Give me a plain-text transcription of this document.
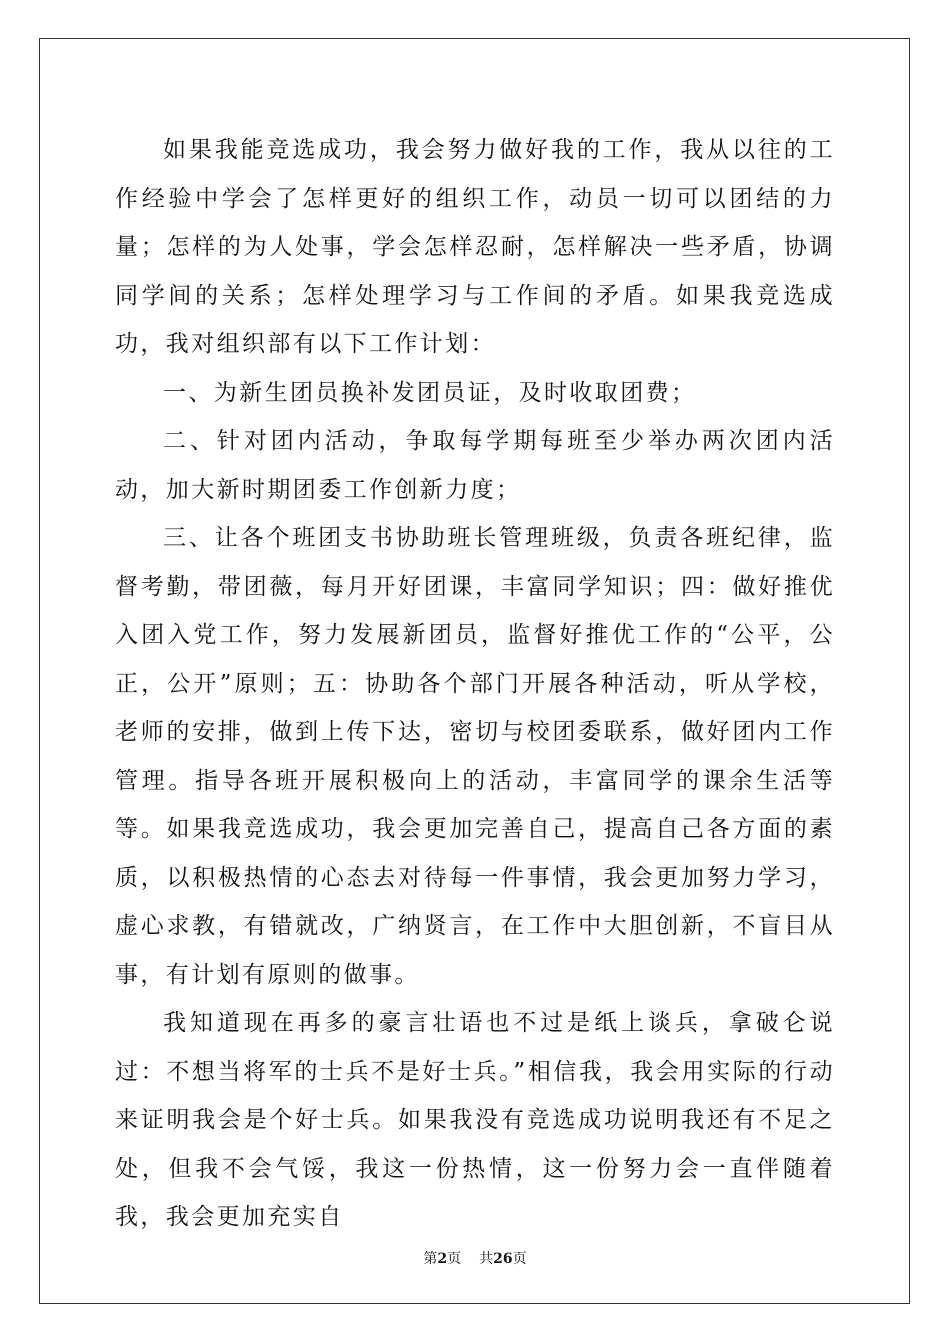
如果我能竞选成功，我会努力做好我的工作，我从以往的工作经验中学会了怎样更好的组织工作，动员一切可以团结的力量；怎样的为人处事，学会怎样忍耐，怎样解决一些矛盾，协调同学间的关系；怎样处理学习与工作间的矛盾。如果我竞选成功，我对组织部有以下工作计划：

一、为新生团员换补发团员证，及时收取团费；

二、针对团内活动，争取每学期每班至少举办两次团内活动，加大新时期团委工作创新力度；

三、让各个班团支书协助班长管理班级，负责各班纪律，监督考勤，带团薇，每月开好团课，丰富同学知识；四：做好推优入团入党工作，努力发展新团员，监督好推优工作的“公平，公正，公开”原则；五：协助各个部门开展各种活动，听从学校，老师的安排，做到上传下达，密切与校团委联系，做好团内工作管理。指导各班开展积极向上的活动，丰富同学的课余生活等等。如果我竞选成功，我会更加完善自己，提高自己各方面的素质，以积极热情的心态去对待每一件事情，我会更加努力学习，虚心求教，有错就改，广纳贤言，在工作中大胆创新，不盲目从事，有计划有原则的做事。

我知道现在再多的豪言壮语也不过是纸上谈兵，拿破仑说过：不想当将军的士兵不是好士兵。”相信我，我会用实际的行动来证明我会是个好士兵。如果我没有竞选成功说明我还有不足之处，但我不会气馁，我这一份热情，这一份努力会一直伴随着我，我会更加充实自

第2页 共26页
